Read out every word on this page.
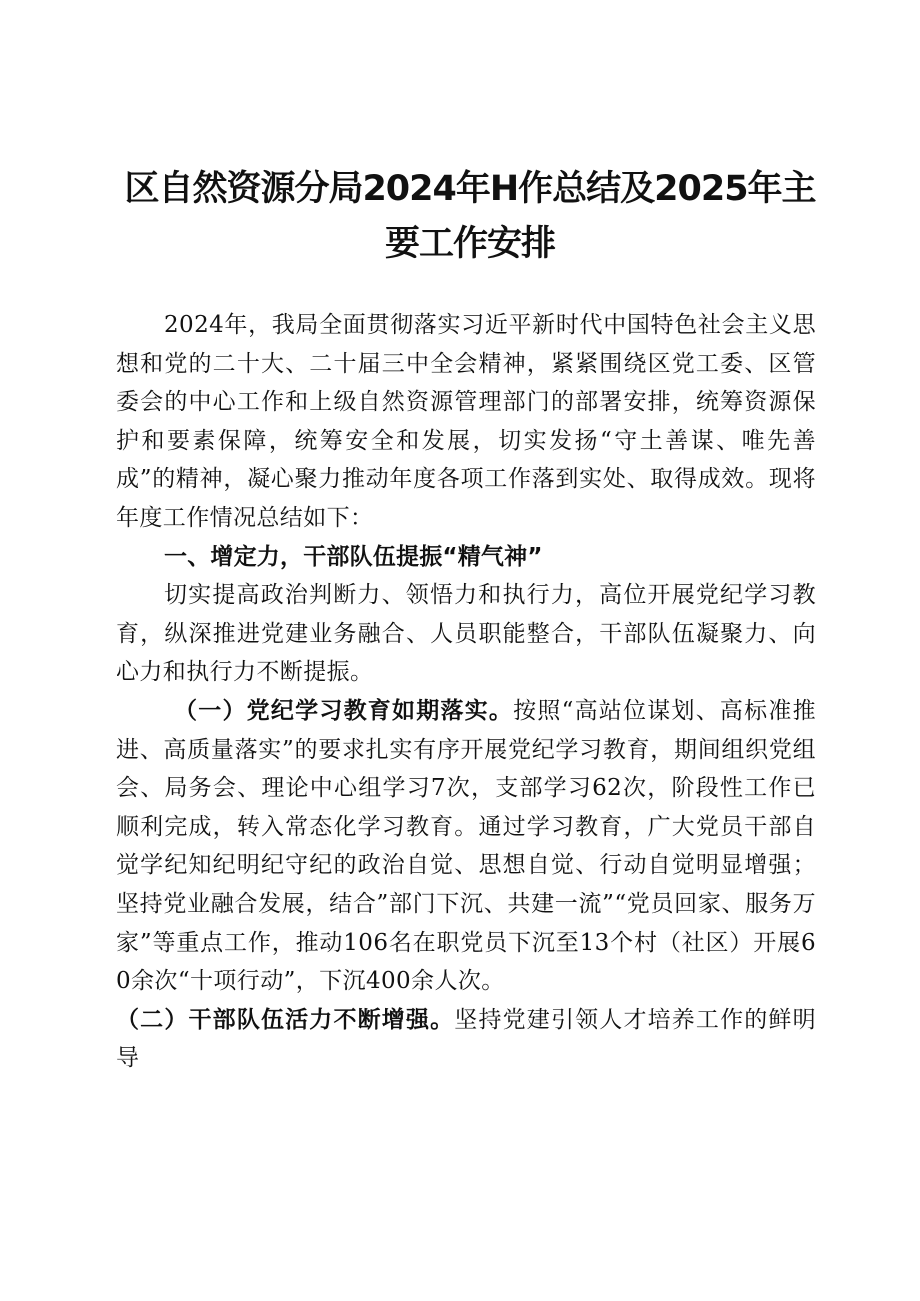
区自然资源分局2024年H作总结及2025年主
要工作安排

2024年，我局全面贯彻落实习近平新时代中国特色社会主义思想和党的二十大、二十届三中全会精神，紧紧围绕区党工委、区管委会的中心工作和上级自然资源管理部门的部署安排，统筹资源保护和要素保障，统筹安全和发展，切实发扬“守土善谋、唯先善成”的精神，凝心聚力推动年度各项工作落到实处、取得成效。现将年度工作情况总结如下：

一、增定力，干部队伍提振“精气神”

切实提高政治判断力、领悟力和执行力，高位开展党纪学习教育，纵深推进党建业务融合、人员职能整合，干部队伍凝聚力、向心力和执行力不断提振。

（一）党纪学习教育如期落实。按照“高站位谋划、高标准推进、高质量落实”的要求扎实有序开展党纪学习教育，期间组织党组会、局务会、理论中心组学习7次，支部学习62次，阶段性工作已顺利完成，转入常态化学习教育。通过学习教育，广大党员干部自觉学纪知纪明纪守纪的政治自觉、思想自觉、行动自觉明显增强；坚持党业融合发展，结合”部门下沉、共建一流”“党员回家、服务万家”等重点工作，推动106名在职党员下沉至13个村（社区）开展60余次“十项行动”，下沉400余人次。

（二）干部队伍活力不断增强。坚持党建引领人才培养工作的鲜明导
